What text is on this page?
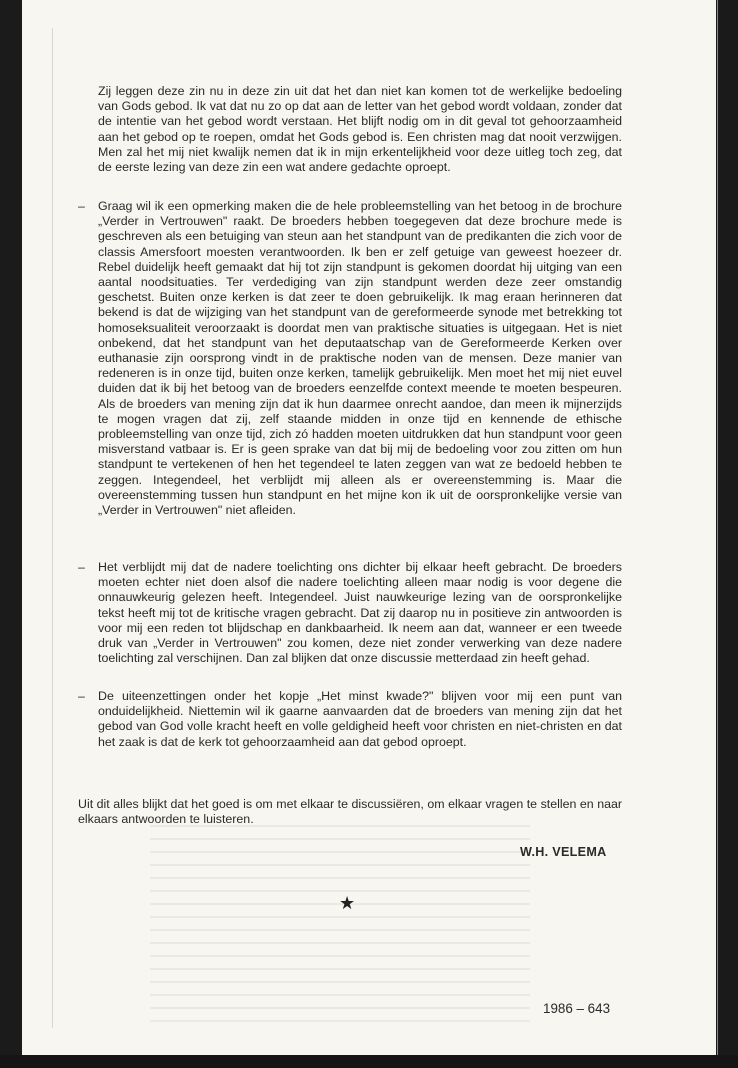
Zij leggen deze zin nu in deze zin uit dat het dan niet kan komen tot de werkelijke bedoeling van Gods gebod. Ik vat dat nu zo op dat aan de letter van het gebod wordt voldaan, zonder dat de intentie van het gebod wordt verstaan. Het blijft nodig om in dit geval tot gehoorzaamheid aan het gebod op te roepen, omdat het Gods gebod is. Een christen mag dat nooit verzwijgen. Men zal het mij niet kwalijk nemen dat ik in mijn erkentelijkheid voor deze uitleg toch zeg, dat de eerste lezing van deze zin een wat andere gedachte oproept.
–	Graag wil ik een opmerking maken die de hele probleemstelling van het betoog in de brochure „Verder in Vertrouwen" raakt. De broeders hebben toegegeven dat deze brochure mede is geschreven als een betuiging van steun aan het standpunt van de predikanten die zich voor de classis Amersfoort moesten verantwoorden. Ik ben er zelf getuige van geweest hoezeer dr. Rebel duidelijk heeft gemaakt dat hij tot zijn standpunt is gekomen doordat hij uitging van een aantal noodsituaties. Ter verdediging van zijn standpunt werden deze zeer omstandig geschetst. Buiten onze kerken is dat zeer te doen gebruikelijk. Ik mag eraan herinneren dat bekend is dat de wijziging van het standpunt van de gereformeerde synode met betrekking tot homoseksualiteit veroorzaakt is doordat men van praktische situaties is uitgegaan. Het is niet onbekend, dat het standpunt van het deputaatschap van de Gereformeerde Kerken over euthanasie zijn oorsprong vindt in de praktische noden van de mensen. Deze manier van redeneren is in onze tijd, buiten onze kerken, tamelijk gebruikelijk. Men moet het mij niet euvel duiden dat ik bij het betoog van de broeders eenzelfde context meende te moeten bespeuren. Als de broeders van mening zijn dat ik hun daarmee onrecht aandoe, dan meen ik mijnerzijds te mogen vragen dat zij, zelf staande midden in onze tijd en kennende de ethische probleemstelling van onze tijd, zich zó hadden moeten uitdrukken dat hun standpunt voor geen misverstand vatbaar is. Er is geen sprake van dat bij mij de bedoeling voor zou zitten om hun standpunt te vertekenen of hen het tegendeel te laten zeggen van wat ze bedoeld hebben te zeggen. Integendeel, het verblijdt mij alleen als er overeenstemming is. Maar die overeenstemming tussen hun standpunt en het mijne kon ik uit de oorspronkelijke versie van „Verder in Vertrouwen" niet afleiden.
–	Het verblijdt mij dat de nadere toelichting ons dichter bij elkaar heeft gebracht. De broeders moeten echter niet doen alsof die nadere toelichting alleen maar nodig is voor degene die onnauwkeurig gelezen heeft. Integendeel. Juist nauwkeurige lezing van de oorspronkelijke tekst heeft mij tot de kritische vragen gebracht. Dat zij daarop nu in positieve zin antwoorden is voor mij een reden tot blijdschap en dankbaarheid. Ik neem aan dat, wanneer er een tweede druk van „Verder in Vertrouwen" zou komen, deze niet zonder verwerking van deze nadere toelichting zal verschijnen. Dan zal blijken dat onze discussie metterdaad zin heeft gehad.
–	De uiteenzettingen onder het kopje „Het minst kwade?" blijven voor mij een punt van onduidelijkheid. Niettemin wil ik gaarne aanvaarden dat de broeders van mening zijn dat het gebod van God volle kracht heeft en volle geldigheid heeft voor christen en niet-christen en dat het zaak is dat de kerk tot gehoorzaamheid aan dat gebod oproept.
Uit dit alles blijkt dat het goed is om met elkaar te discussiëren, om elkaar vragen te stellen en naar elkaars antwoorden te luisteren.
W.H. VELEMA
★
1986 – 643
